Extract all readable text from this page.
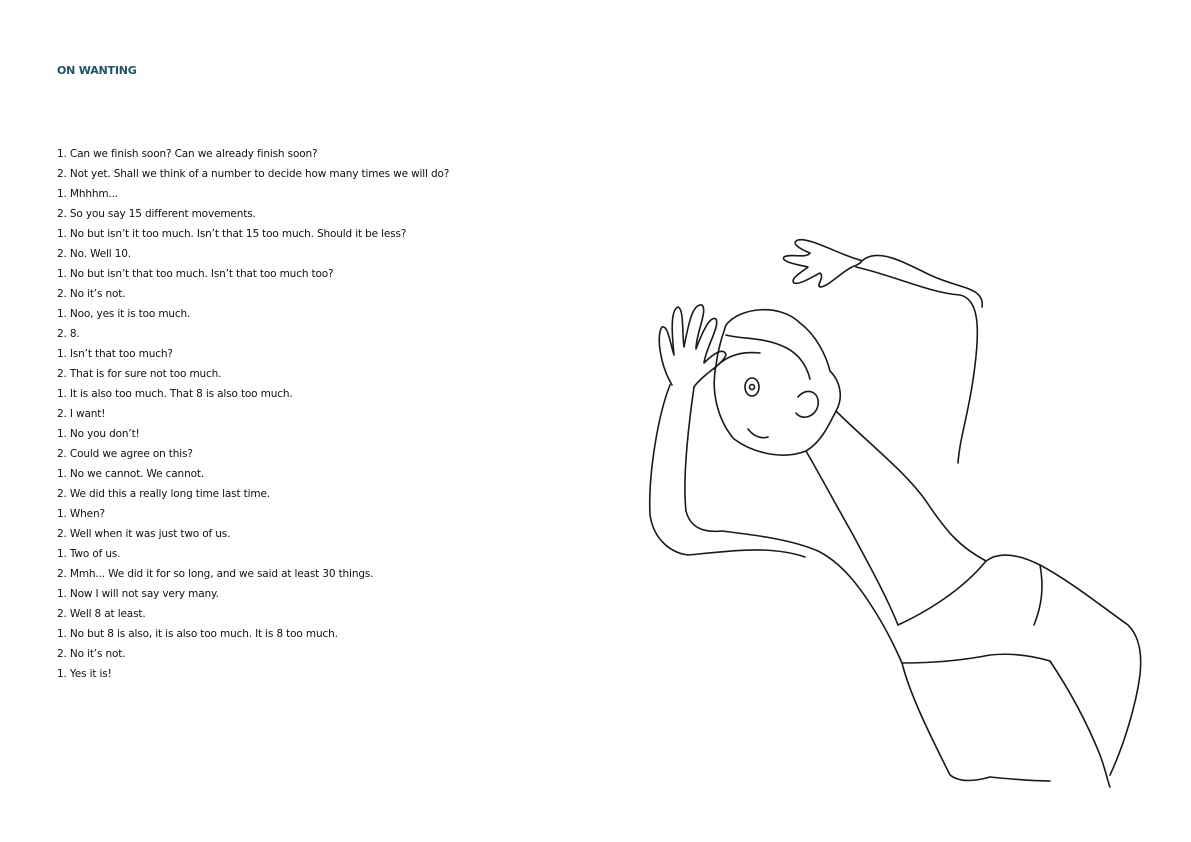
ON WANTING
1. Can we finish soon? Can we already finish soon?
2. Not yet. Shall we think of a number to decide how many times we will do?
1. Mhhhm...
2. So you say 15 different movements.
1. No but isn’t it too much. Isn’t that 15 too much. Should it be less?
2. No. Well 10.
1. No but isn’t that too much. Isn’t that too much too?
2. No it’s not.
1. Noo, yes it is too much.
2. 8.
1. Isn’t that too much?
2. That is for sure not too much.
1. It is also too much. That 8 is also too much.
2. I want!
1. No you don’t!
2. Could we agree on this?
1. No we cannot. We cannot.
2. We did this a really long time last time.
1. When?
2. Well when it was just two of us.
1. Two of us.
2. Mmh... We did it for so long, and we said at least 30 things.
1. Now I will not say very many.
2. Well 8 at least.
1. No but 8 is also, it is also too much. It is 8 too much.
2. No it’s not.
1. Yes it is!
